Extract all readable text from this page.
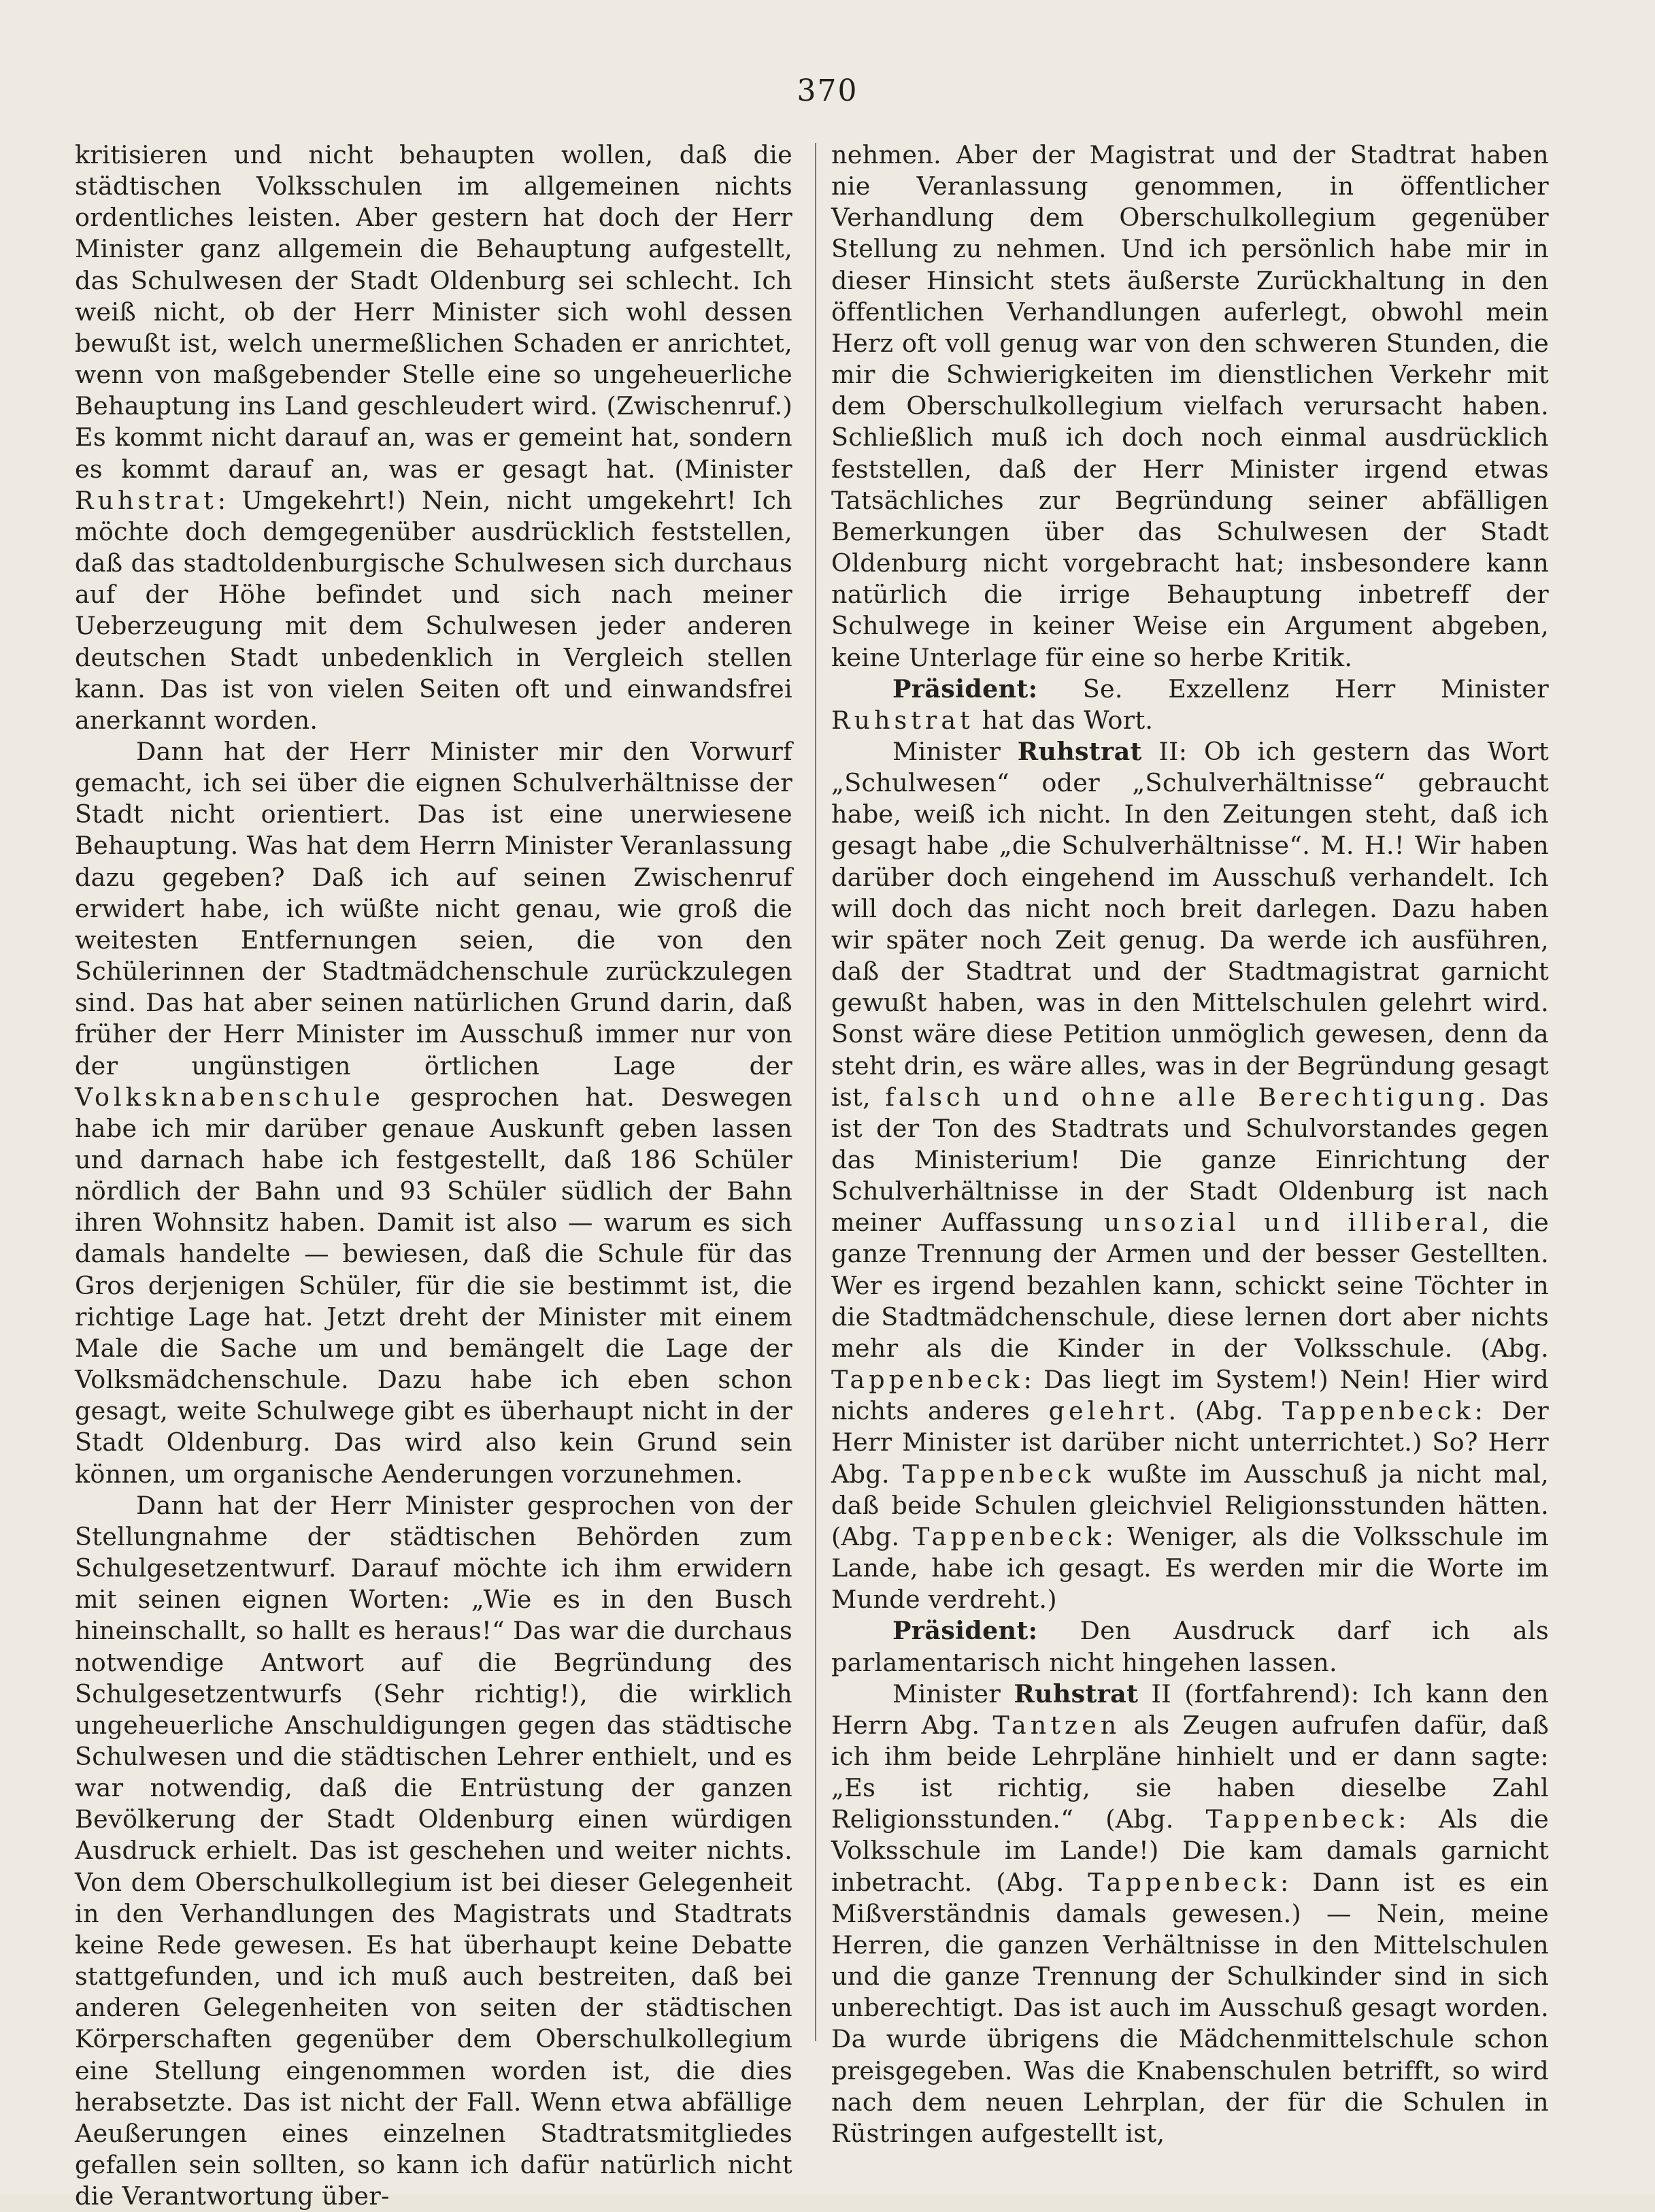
370

kritisieren und nicht behaupten wollen, daß die städtischen Volksschulen im allgemeinen nichts ordentliches leisten. Aber gestern hat doch der Herr Minister ganz allgemein die Behauptung aufgestellt, das Schulwesen der Stadt Oldenburg sei schlecht. Ich weiß nicht, ob der Herr Minister sich wohl dessen bewußt ist, welch unermeßlichen Schaden er anrichtet, wenn von maßgebender Stelle eine so ungeheuerliche Behauptung ins Land geschleudert wird. (Zwischenruf.) Es kommt nicht darauf an, was er gemeint hat, sondern es kommt darauf an, was er gesagt hat. (Minister Ruhstrat: Umgekehrt!) Nein, nicht umgekehrt! Ich möchte doch demgegenüber ausdrücklich feststellen, daß das stadtoldenburgische Schulwesen sich durchaus auf der Höhe befindet und sich nach meiner Ueberzeugung mit dem Schulwesen jeder anderen deutschen Stadt unbedenklich in Vergleich stellen kann. Das ist von vielen Seiten oft und einwandsfrei anerkannt worden.

Dann hat der Herr Minister mir den Vorwurf gemacht, ich sei über die eignen Schulverhältnisse der Stadt nicht orientiert. Das ist eine unerwiesene Behauptung. Was hat dem Herrn Minister Veranlassung dazu gegeben? Daß ich auf seinen Zwischenruf erwidert habe, ich wüßte nicht genau, wie groß die weitesten Entfernungen seien, die von den Schülerinnen der Stadtmädchenschule zurückzulegen sind. Das hat aber seinen natürlichen Grund darin, daß früher der Herr Minister im Ausschuß immer nur von der ungünstigen örtlichen Lage der Volksknabenschule gesprochen hat. Deswegen habe ich mir darüber genaue Auskunft geben lassen und darnach habe ich festgestellt, daß 186 Schüler nördlich der Bahn und 93 Schüler südlich der Bahn ihren Wohnsitz haben. Damit ist also — warum es sich damals handelte — bewiesen, daß die Schule für das Gros derjenigen Schüler, für die sie bestimmt ist, die richtige Lage hat. Jetzt dreht der Minister mit einem Male die Sache um und bemängelt die Lage der Volksmädchenschule. Dazu habe ich eben schon gesagt, weite Schulwege gibt es überhaupt nicht in der Stadt Oldenburg. Das wird also kein Grund sein können, um organische Aenderungen vorzunehmen.

Dann hat der Herr Minister gesprochen von der Stellungnahme der städtischen Behörden zum Schulgesetzentwurf. Darauf möchte ich ihm erwidern mit seinen eignen Worten: „Wie es in den Busch hineinschallt, so hallt es heraus!“ Das war die durchaus notwendige Antwort auf die Begründung des Schulgesetzentwurfs (Sehr richtig!), die wirklich ungeheuerliche Anschuldigungen gegen das städtische Schulwesen und die städtischen Lehrer enthielt, und es war notwendig, daß die Entrüstung der ganzen Bevölkerung der Stadt Oldenburg einen würdigen Ausdruck erhielt. Das ist geschehen und weiter nichts. Von dem Oberschulkollegium ist bei dieser Gelegenheit in den Verhandlungen des Magistrats und Stadtrats keine Rede gewesen. Es hat überhaupt keine Debatte stattgefunden, und ich muß auch bestreiten, daß bei anderen Gelegenheiten von seiten der städtischen Körperschaften gegenüber dem Oberschulkollegium eine Stellung eingenommen worden ist, die dies herabsetzte. Das ist nicht der Fall. Wenn etwa abfällige Aeußerungen eines einzelnen Stadtratsmitgliedes gefallen sein sollten, so kann ich dafür natürlich nicht die Verantwortung über-

nehmen. Aber der Magistrat und der Stadtrat haben nie Veranlassung genommen, in öffentlicher Verhandlung dem Oberschulkollegium gegenüber Stellung zu nehmen. Und ich persönlich habe mir in dieser Hinsicht stets äußerste Zurückhaltung in den öffentlichen Verhandlungen auferlegt, obwohl mein Herz oft voll genug war von den schweren Stunden, die mir die Schwierigkeiten im dienstlichen Verkehr mit dem Oberschulkollegium vielfach verursacht haben. Schließlich muß ich doch noch einmal ausdrücklich feststellen, daß der Herr Minister irgend etwas Tatsächliches zur Begründung seiner abfälligen Bemerkungen über das Schulwesen der Stadt Oldenburg nicht vorgebracht hat; insbesondere kann natürlich die irrige Behauptung inbetreff der Schulwege in keiner Weise ein Argument abgeben, keine Unterlage für eine so herbe Kritik.

Präsident: Se. Exzellenz Herr Minister Ruhstrat hat das Wort.

Minister Ruhstrat II: Ob ich gestern das Wort „Schulwesen“ oder „Schulverhältnisse“ gebraucht habe, weiß ich nicht. In den Zeitungen steht, daß ich gesagt habe „die Schulverhältnisse“. M. H.! Wir haben darüber doch eingehend im Ausschuß verhandelt. Ich will doch das nicht noch breit darlegen. Dazu haben wir später noch Zeit genug. Da werde ich ausführen, daß der Stadtrat und der Stadtmagistrat garnicht gewußt haben, was in den Mittelschulen gelehrt wird. Sonst wäre diese Petition unmöglich gewesen, denn da steht drin, es wäre alles, was in der Begründung gesagt ist, falsch und ohne alle Berechtigung. Das ist der Ton des Stadtrats und Schulvorstandes gegen das Ministerium! Die ganze Einrichtung der Schulverhältnisse in der Stadt Oldenburg ist nach meiner Auffassung unsozial und illiberal, die ganze Trennung der Armen und der besser Gestellten. Wer es irgend bezahlen kann, schickt seine Töchter in die Stadtmädchenschule, diese lernen dort aber nichts mehr als die Kinder in der Volksschule. (Abg. Tappenbeck: Das liegt im System!) Nein! Hier wird nichts anderes gelehrt. (Abg. Tappenbeck: Der Herr Minister ist darüber nicht unterrichtet.) So? Herr Abg. Tappenbeck wußte im Ausschuß ja nicht mal, daß beide Schulen gleichviel Religionsstunden hätten. (Abg. Tappenbeck: Weniger, als die Volksschule im Lande, habe ich gesagt. Es werden mir die Worte im Munde verdreht.)

Präsident: Den Ausdruck darf ich als parlamentarisch nicht hingehen lassen.

Minister Ruhstrat II (fortfahrend): Ich kann den Herrn Abg. Tantzen als Zeugen aufrufen dafür, daß ich ihm beide Lehrpläne hinhielt und er dann sagte: „Es ist richtig, sie haben dieselbe Zahl Religionsstunden.“ (Abg. Tappenbeck: Als die Volksschule im Lande!) Die kam damals garnicht inbetracht. (Abg. Tappenbeck: Dann ist es ein Mißverständnis damals gewesen.) — Nein, meine Herren, die ganzen Verhältnisse in den Mittelschulen und die ganze Trennung der Schulkinder sind in sich unberechtigt. Das ist auch im Ausschuß gesagt worden. Da wurde übrigens die Mädchenmittelschule schon preisgegeben. Was die Knabenschulen betrifft, so wird nach dem neuen Lehrplan, der für die Schulen in Rüstringen aufgestellt ist,
